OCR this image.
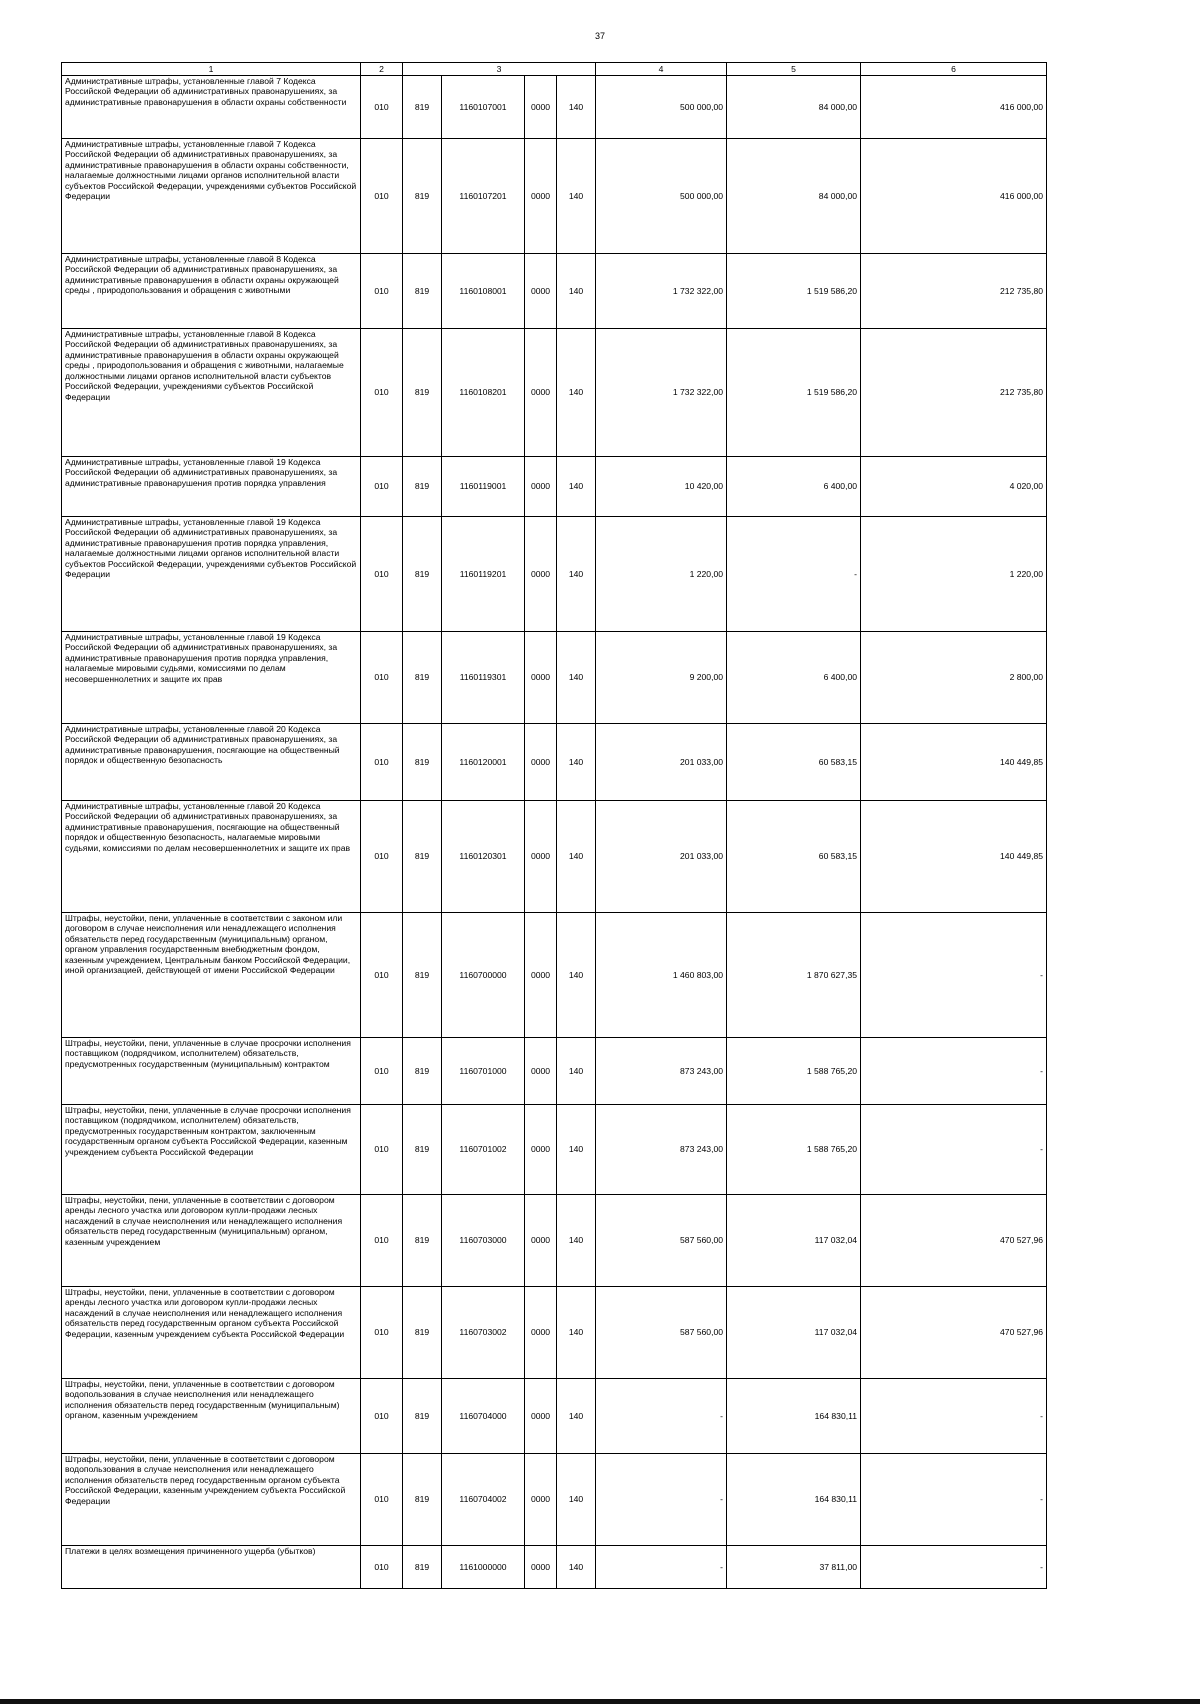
37
1	2	3				4	5	6
Административные штрафы, установленные главой 7 Кодекса Российской Федерации об административных правонарушениях, за административные правонарушения в области охраны собственности	010	819	1160107001	0000	140	500 000,00	84 000,00	416 000,00
Административные штрафы, установленные главой 7 Кодекса Российской Федерации об административных правонарушениях, за административные правонарушения в области охраны собственности, налагаемые должностными лицами органов исполнительной власти субъектов Российской Федерации, учреждениями субъектов Российской Федерации	010	819	1160107201	0000	140	500 000,00	84 000,00	416 000,00
Административные штрафы, установленные главой 8 Кодекса Российской Федерации об административных правонарушениях, за административные правонарушения в области охраны окружающей среды , природопользования и обращения с животными	010	819	1160108001	0000	140	1 732 322,00	1 519 586,20	212 735,80
Административные штрафы, установленные главой 8 Кодекса Российской Федерации об административных правонарушениях, за административные правонарушения в области охраны окружающей среды , природопользования и обращения с животными, налагаемые должностными лицами органов исполнительной власти субъектов Российской Федерации, учреждениями субъектов Российской Федерации	010	819	1160108201	0000	140	1 732 322,00	1 519 586,20	212 735,80
Административные штрафы, установленные главой 19 Кодекса Российской Федерации об административных правонарушениях, за административные правонарушения против порядка управления	010	819	1160119001	0000	140	10 420,00	6 400,00	4 020,00
Административные штрафы, установленные главой 19 Кодекса Российской Федерации об административных правонарушениях, за административные правонарушения против порядка управления, налагаемые должностными лицами органов исполнительной власти субъектов Российской Федерации, учреждениями субъектов Российской Федерации	010	819	1160119201	0000	140	1 220,00	-	1 220,00
Административные штрафы, установленные главой 19 Кодекса Российской Федерации об административных правонарушениях, за административные правонарушения против порядка управления, налагаемые мировыми судьями, комиссиями по делам несовершеннолетних и защите их прав	010	819	1160119301	0000	140	9 200,00	6 400,00	2 800,00
Административные штрафы, установленные главой 20 Кодекса Российской Федерации об административных правонарушениях, за административные правонарушения, посягающие на общественный порядок и общественную безопасность	010	819	1160120001	0000	140	201 033,00	60 583,15	140 449,85
Административные штрафы, установленные главой 20 Кодекса Российской Федерации об административных правонарушениях, за административные правонарушения, посягающие на общественный порядок и общественную безопасность, налагаемые мировыми судьями, комиссиями по делам несовершеннолетних и защите их прав	010	819	1160120301	0000	140	201 033,00	60 583,15	140 449,85
Штрафы, неустойки, пени, уплаченные в соответствии с законом или договором в случае неисполнения или ненадлежащего исполнения обязательств перед государственным (муниципальным) органом, органом управления государственным внебюджетным фондом, казенным учреждением, Центральным банком Российской Федерации, иной организацией, действующей от имени Российской Федерации	010	819	1160700000	0000	140	1 460 803,00	1 870 627,35	-
Штрафы, неустойки, пени, уплаченные в случае просрочки исполнения поставщиком (подрядчиком, исполнителем) обязательств, предусмотренных государственным (муниципальным) контрактом	010	819	1160701000	0000	140	873 243,00	1 588 765,20	-
Штрафы, неустойки, пени, уплаченные в случае просрочки исполнения поставщиком (подрядчиком, исполнителем) обязательств, предусмотренных государственным контрактом, заключенным государственным органом субъекта Российской Федерации, казенным учреждением субъекта Российской Федерации	010	819	1160701002	0000	140	873 243,00	1 588 765,20	-
Штрафы, неустойки, пени, уплаченные в соответствии с договором аренды лесного участка или договором купли-продажи лесных насаждений в случае неисполнения или ненадлежащего исполнения обязательств перед государственным (муниципальным) органом, казенным учреждением	010	819	1160703000	0000	140	587 560,00	117 032,04	470 527,96
Штрафы, неустойки, пени, уплаченные в соответствии с договором аренды лесного участка или договором купли-продажи лесных насаждений в случае неисполнения или ненадлежащего исполнения обязательств перед государственным органом субъекта Российской Федерации, казенным учреждением субъекта Российской Федерации	010	819	1160703002	0000	140	587 560,00	117 032,04	470 527,96
Штрафы, неустойки, пени, уплаченные в соответствии с договором водопользования в случае неисполнения или ненадлежащего исполнения обязательств перед государственным (муниципальным) органом, казенным учреждением	010	819	1160704000	0000	140	-	164 830,11	-
Штрафы, неустойки, пени, уплаченные в соответствии с договором водопользования в случае неисполнения или ненадлежащего исполнения обязательств перед государственным органом субъекта Российской Федерации, казенным учреждением субъекта Российской Федерации	010	819	1160704002	0000	140	-	164 830,11	-
Платежи в целях возмещения причиненного ущерба (убытков)	010	819	1161000000	0000	140	-	37 811,00	-
